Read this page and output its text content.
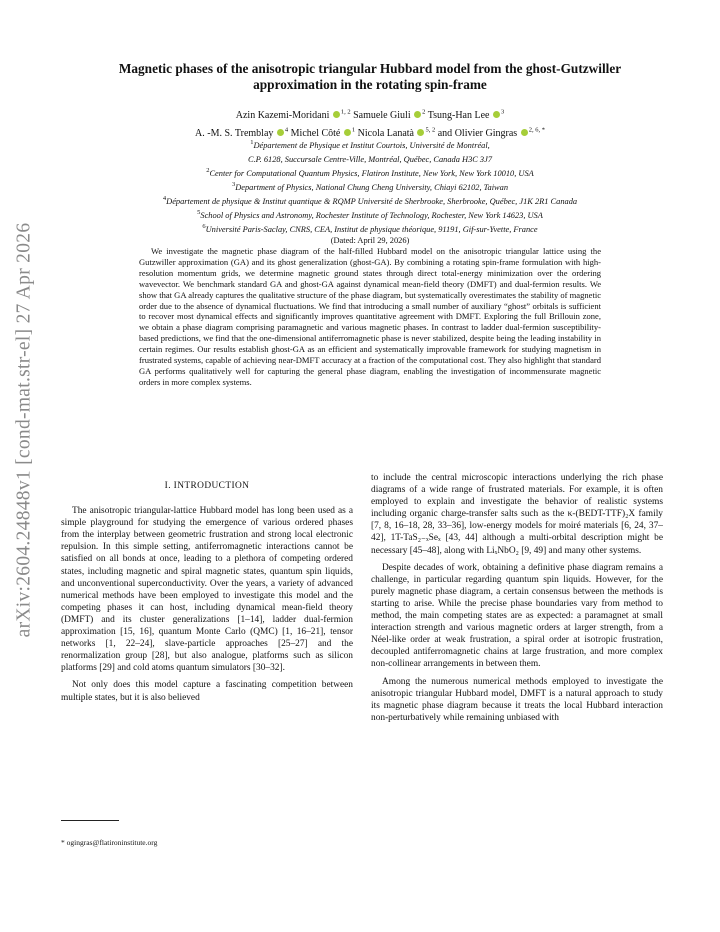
arXiv:2604.24848v1 [cond-mat.str-el] 27 Apr 2026
Magnetic phases of the anisotropic triangular Hubbard model from the ghost-Gutzwiller approximation in the rotating spin-frame
Azin Kazemi-Moridani $^{1, 2}$ Samuele Giuli $^2$ Tsung-Han Lee $^3$
A. -M. S. Tremblay $^4$ Michel Côté $^1$ Nicola Lanatà $^{5, 2}$ and Olivier Gingras $^{2, 6, *}$
$^1$Département de Physique et Institut Courtois, Université de Montréal,
C.P. 6128, Succursale Centre-Ville, Montréal, Québec, Canada H3C 3J7
$^2$Center for Computational Quantum Physics, Flatiron Institute, New York, New York 10010, USA
$^3$Department of Physics, National Chung Cheng University, Chiayi 62102, Taiwan
$^4$Département de physique & Institut quantique & RQMP Université de Sherbrooke, Sherbrooke, Québec, J1K 2R1 Canada
$^5$School of Physics and Astronomy, Rochester Institute of Technology, Rochester, New York 14623, USA
$^6$Université Paris-Saclay, CNRS, CEA, Institut de physique théorique, 91191, Gif-sur-Yvette, France
(Dated: April 29, 2026)

We investigate the magnetic phase diagram of the half-filled Hubbard model on the anisotropic triangular lattice using the Gutzwiller approximation (GA) and its ghost generalization (ghost-GA). By combining a rotating spin-frame formulation with high-resolution momentum grids, we determine magnetic ground states through direct total-energy minimization over the ordering wavevector. We benchmark standard GA and ghost-GA against dynamical mean-field theory (DMFT) and dual-fermion results. We show that GA already captures the qualitative structure of the phase diagram, but systematically overestimates the stability of magnetic order due to the absence of dynamical fluctuations. We find that introducing a small number of auxiliary “ghost” orbitals is sufficient to recover most dynamical effects and significantly improves quantitative agreement with DMFT. Exploring the full Brillouin zone, we obtain a phase diagram comprising paramagnetic and various magnetic phases. In contrast to ladder dual-fermion susceptibility-based predictions, we find that the one-dimensional antiferromagnetic phase is never stabilized, despite being the leading instability in certain regimes. Our results establish ghost-GA as an efficient and systematically improvable framework for studying magnetism in frustrated systems, capable of achieving near-DMFT accuracy at a fraction of the computational cost. They also highlight that standard GA performs qualitatively well for capturing the general phase diagram, enabling the investigation of incommensurate magnetic orders in more complex systems.

I. INTRODUCTION

The anisotropic triangular-lattice Hubbard model has long been used as a simple playground for studying the emergence of various ordered phases from the interplay between geometric frustration and strong local electronic repulsion. In this simple setting, antiferromagnetic interactions cannot be satisfied on all bonds at once, leading to a plethora of competing ordered states, including magnetic and spiral magnetic states, quantum spin liquids, and unconventional superconductivity. Over the years, a variety of advanced numerical methods have been employed to investigate this model and the competing phases it can host, including dynamical mean-field theory (DMFT) and its cluster generalizations [1–14], ladder dual-fermion approximation [15, 16], quantum Monte Carlo (QMC) [1, 16–21], tensor networks [1, 22–24], slave-particle approaches [25–27] and the renormalization group [28], but also analogue, platforms such as silicon platforms [29] and cold atoms quantum simulators [30–32].

Not only does this model capture a fascinating competition between multiple states, but it is also believed

to include the central microscopic interactions underlying the rich phase diagrams of a wide range of frustrated materials. For example, it is often employed to explain and investigate the behavior of realistic systems including organic charge-transfer salts such as the κ-(BEDT-TTF)₂X family [7, 8, 16–18, 28, 33–36], low-energy models for moiré materials [6, 24, 37–42], 1T-TaS₂₋ₓSeₓ [43, 44] although a multi-orbital description might be necessary [45–48], along with LiₓNbO₂ [9, 49] and many other systems.

Despite decades of work, obtaining a definitive phase diagram remains a challenge, in particular regarding quantum spin liquids. However, for the purely magnetic phase diagram, a certain consensus between the methods is starting to arise. While the precise phase boundaries vary from method to method, the main competing states are as expected: a paramagnet at small interaction strength and various magnetic orders at larger strength, from a Néel-like order at weak frustration, a spiral order at isotropic frustration, decoupled antiferromagnetic chains at large frustration, and more complex non-collinear arrangements in between them.

Among the numerous numerical methods employed to investigate the anisotropic triangular Hubbard model, DMFT is a natural approach to study its magnetic phase diagram because it treats the local Hubbard interaction non-perturbatively while remaining unbiased with

* ogingras@flatironinstitute.org
